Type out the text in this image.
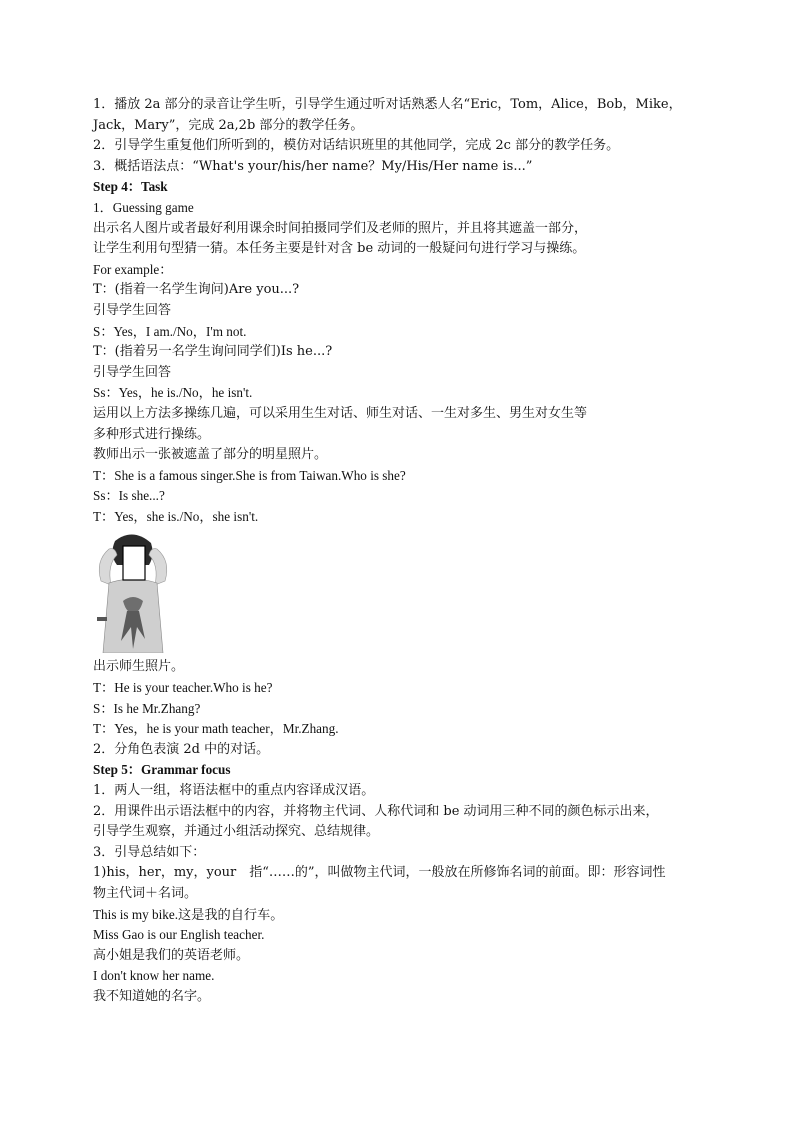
1．播放 2a 部分的录音让学生听，引导学生通过听对话熟悉人名“Eric，Tom，Alice，Bob，Mike，
Jack，Mary”，完成 2a,2b 部分的教学任务。
2．引导学生重复他们所听到的，模仿对话结识班里的其他同学，完成 2c 部分的教学任务。
3．概括语法点：“What's your/his/her name？My/His/Her name is...”
Step 4：Task
1．Guessing game
出示名人图片或者最好利用课余时间拍摄同学们及老师的照片，并且将其遮盖一部分，
让学生利用句型猜一猜。本任务主要是针对含 be 动词的一般疑问句进行学习与操练。
For example：
T：(指着一名学生询问)Are you...?
引导学生回答
S：Yes，I am./No，I'm not.
T：(指着另一名学生询问同学们)Is he...?
引导学生回答
Ss：Yes，he is./No，he isn't.
运用以上方法多操练几遍，可以采用生生对话、师生对话、一生对多生、男生对女生等
多种形式进行操练。
教师出示一张被遮盖了部分的明星照片。
T：She is a famous singer.She is from Taiwan.Who is she?
Ss：Is she...?
T：Yes，she is./No，she isn't.
出示师生照片。
T：He is your teacher.Who is he?
S：Is he Mr.Zhang?
T：Yes，he is your math teacher，Mr.Zhang.
2．分角色表演 2d 中的对话。
Step 5：Grammar focus
1．两人一组，将语法框中的重点内容译成汉语。
2．用课件出示语法框中的内容，并将物主代词、人称代词和 be 动词用三种不同的颜色标示出来，
引导学生观察，并通过小组活动探究、总结规律。
3．引导总结如下：
1)his，her，my，your　指“……的”，叫做物主代词，一般放在所修饰名词的前面。即：形容词性
物主代词＋名词。
This is my bike.这是我的自行车。
Miss Gao is our English teacher.
高小姐是我们的英语老师。
I don't know her name.
我不知道她的名字。
